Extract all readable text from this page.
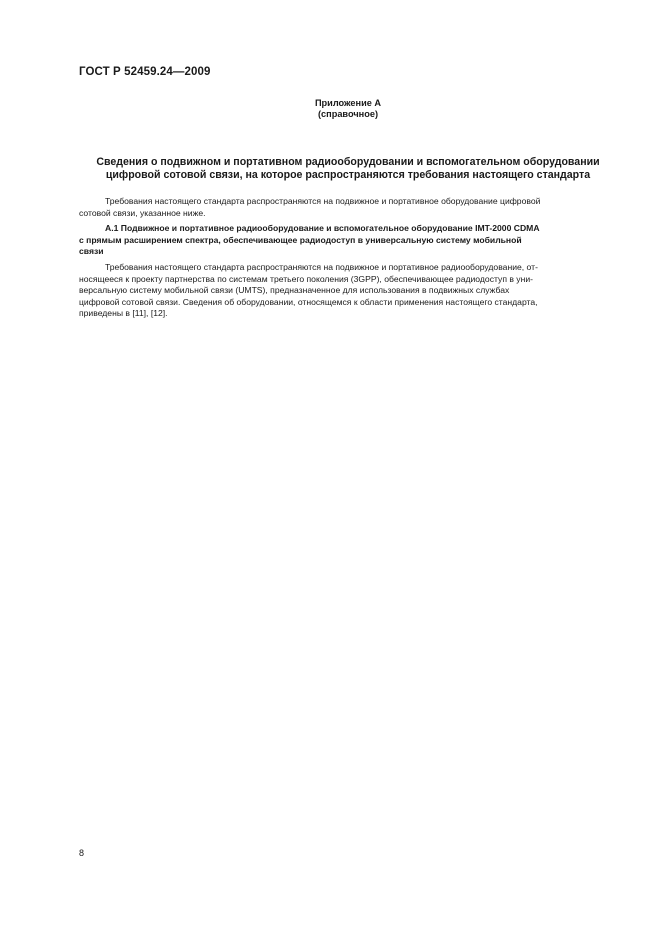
ГОСТ Р 52459.24—2009
Приложение А
(справочное)
Сведения о подвижном и портативном радиооборудовании и вспомогательном оборудовании
цифровой сотовой связи, на которое распространяются требования настоящего стандарта
Требования настоящего стандарта распространяются на подвижное и портативное оборудование цифровой
сотовой связи, указанное ниже.
А.1 Подвижное и портативное радиооборудование и вспомогательное оборудование IMT-2000 CDMA
с прямым расширением спектра, обеспечивающее радиодоступ в универсальную систему мобильной
связи
Требования настоящего стандарта распространяются на подвижное и портативное радиооборудование, от-
носящееся к проекту партнерства по системам третьего поколения (3GPP), обеспечивающее радиодоступ в уни-
версальную систему мобильной связи (UMTS), предназначенное для использования в подвижных службах
цифровой сотовой связи. Сведения об оборудовании, относящемся к области применения настоящего стандарта,
приведены в [11], [12].
8
